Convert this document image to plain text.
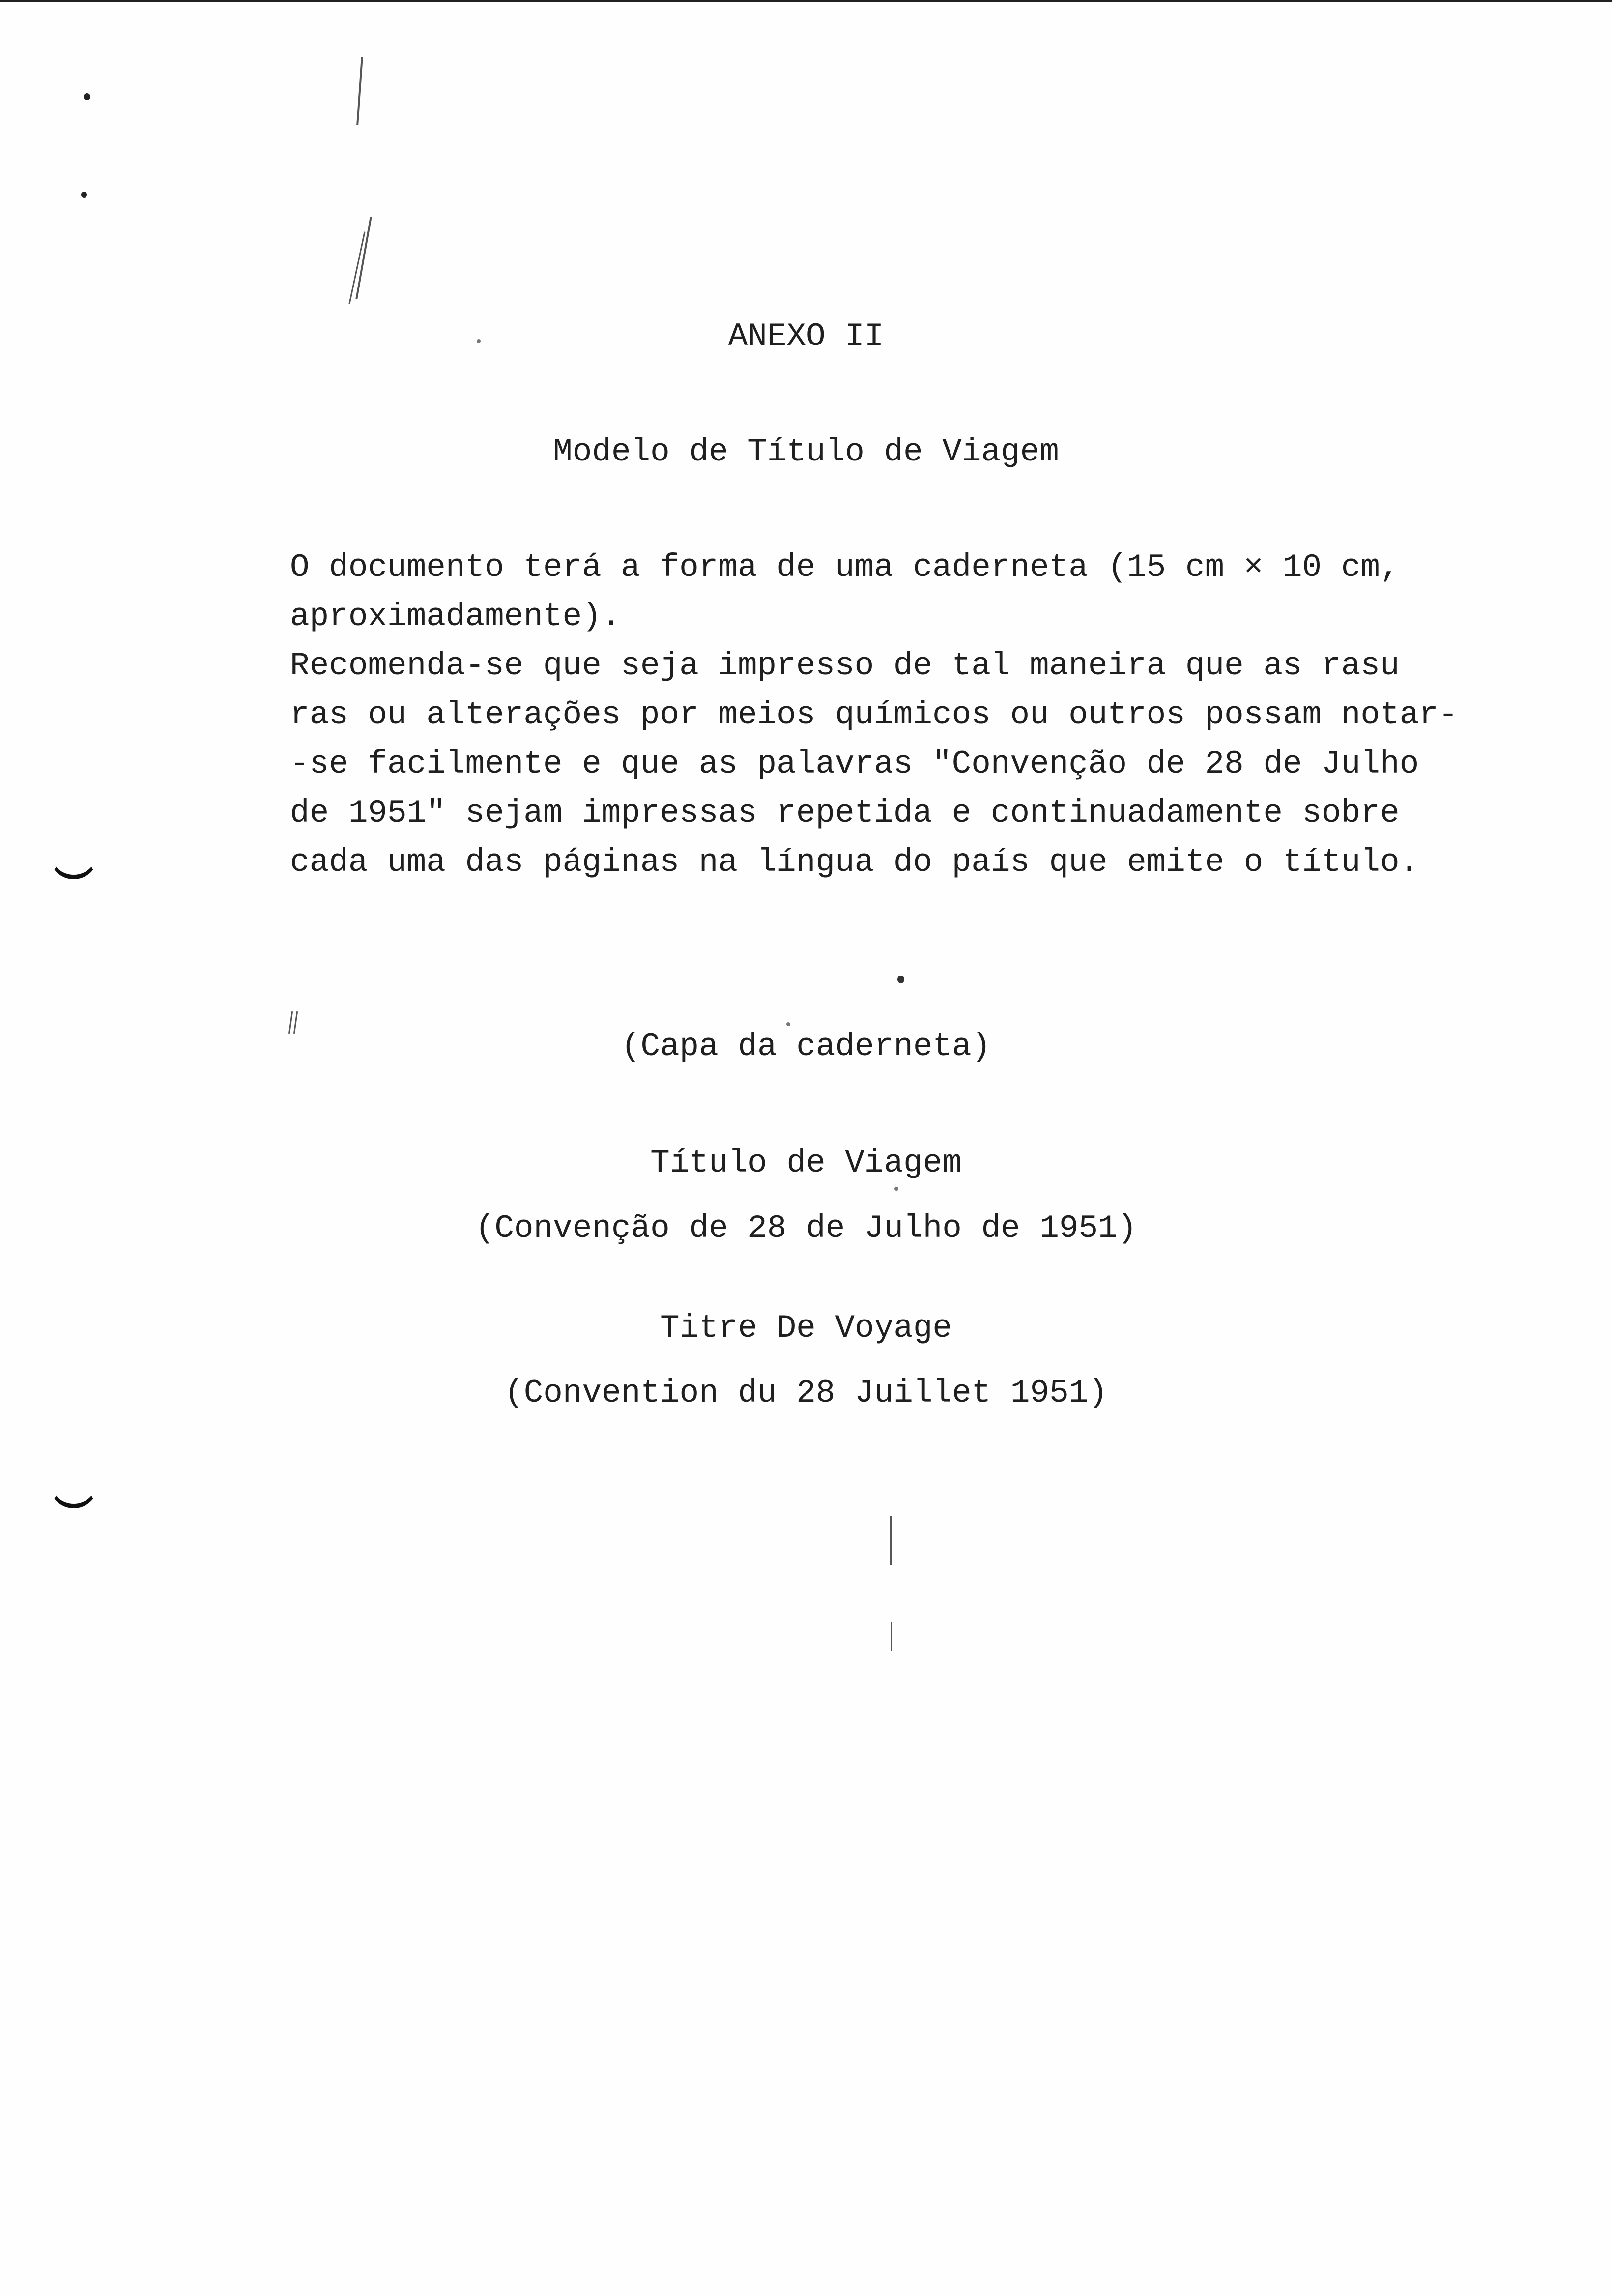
ANEXO II
Modelo de Título de Viagem
O documento terá a forma de uma caderneta (15 cm × 10 cm,
aproximadamente).
Recomenda-se que seja impresso de tal maneira que as rasu
ras ou alterações por meios químicos ou outros possam notar-
-se facilmente e que as palavras "Convenção de 28 de Julho
de 1951" sejam impressas repetida e continuadamente sobre
cada uma das páginas na língua do país que emite o título.
(Capa da caderneta)
Título de Viagem
(Convenção de 28 de Julho de 1951)
Titre De Voyage
(Convention du 28 Juillet 1951)
